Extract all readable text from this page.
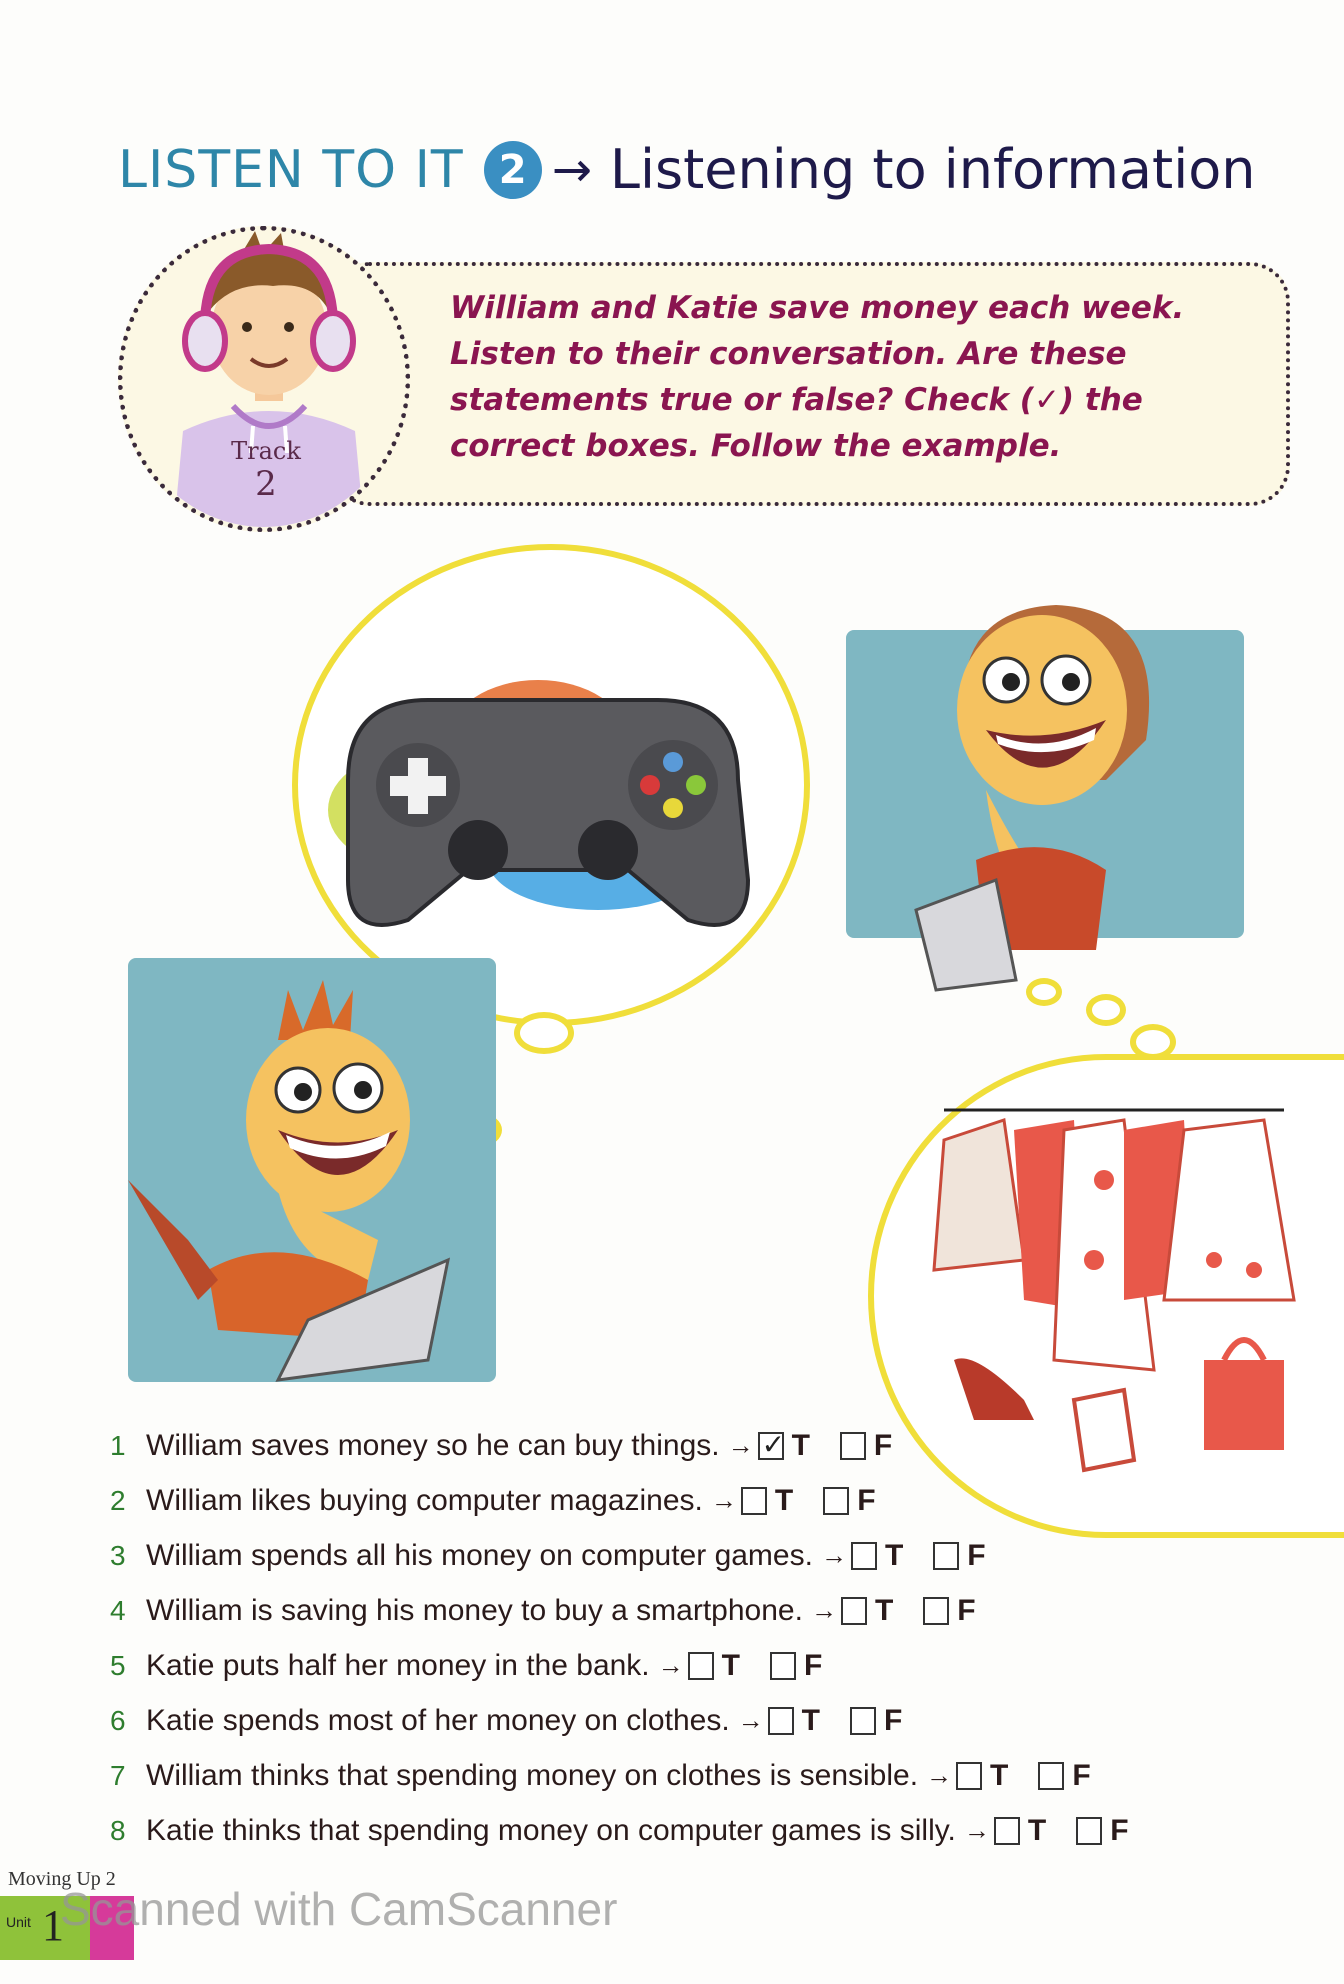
LISTEN TO IT 2 → Listening to information
William and Katie save money each week. Listen to their conversation. Are these statements true or false? Check (✓) the correct boxes. Follow the example.
Track
2
1 William saves money so he can buy things. →
✓ T F
2 William likes buying computer magazines. → T F
3 William spends all his money on computer games. → T F
4 William is saving his money to buy a smartphone. → T F
5 Katie puts half her money in the bank. → T F
6 Katie spends most of her money on clothes. → T F
7 William thinks that spending money on clothes is sensible. → T F
8 Katie thinks that spending money on computer games is silly. → T F
Moving Up 2
Unit 1
Scanned with CamScanner
